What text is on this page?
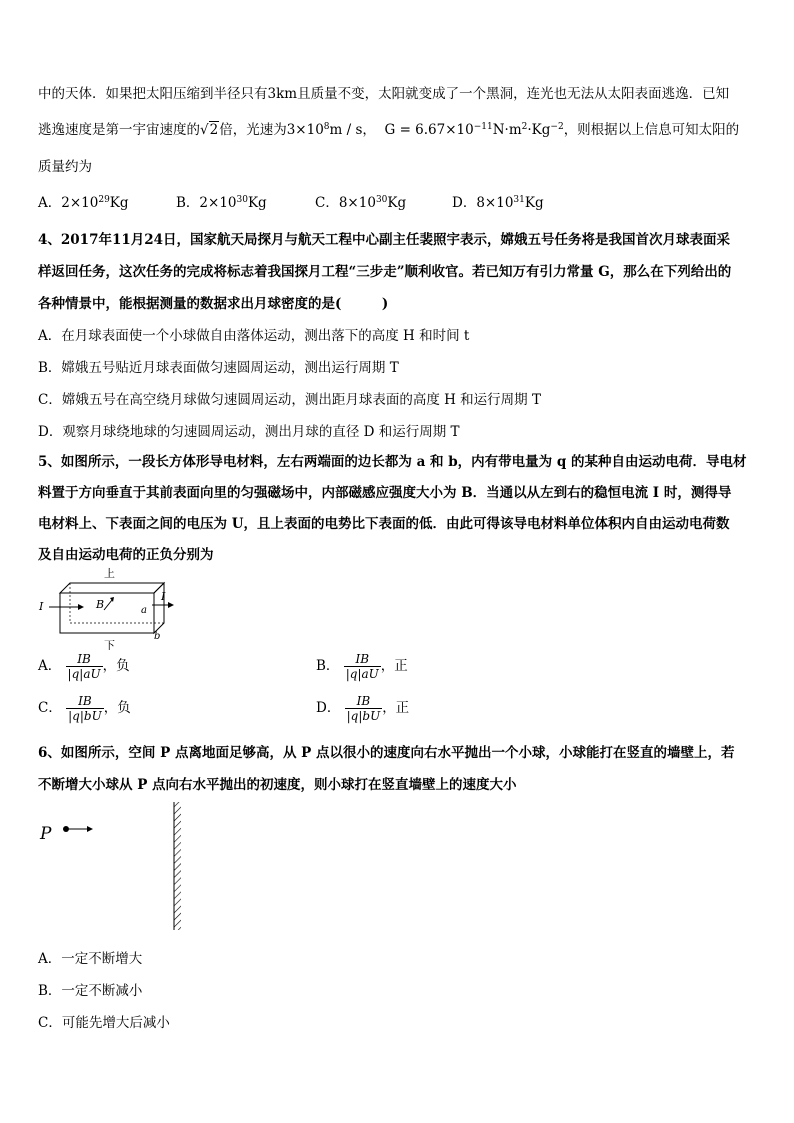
中的天体．如果把太阳压缩到半径只有3km且质量不变，太阳就变成了一个黑洞，连光也无法从太阳表面逃逸．已知
逃逸速度是第一宇宙速度的√2倍，光速为$3\times 10^8m / s$， $G = 6.67\times 10^{-11}N\cdot m^2\cdot Kg^{-2}$，则根据以上信息可知太阳的
质量约为
A．$2\times 10^{29}Kg$	B．$2\times 10^{30}Kg$	C．$8\times 10^{30}Kg$	D．$8\times 10^{31}Kg$
4、2017年11月24日，国家航天局探月与航天工程中心副主任裴照宇表示，嫦娥五号任务将是我国首次月球表面采
样返回任务，这次任务的完成将标志着我国探月工程“三步走”顺利收官。若已知万有引力常量 G，那么在下列给出的
各种情景中，能根据测量的数据求出月球密度的是(　　　)
A．在月球表面使一个小球做自由落体运动，测出落下的高度 H 和时间 t
B．嫦娥五号贴近月球表面做匀速圆周运动，测出运行周期 T
C．嫦娥五号在高空绕月球做匀速圆周运动，测出距月球表面的高度 H 和运行周期 T
D．观察月球绕地球的匀速圆周运动，测出月球的直径 D 和运行周期 T
5、如图所示，一段长方体形导电材料，左右两端面的边长都为 a 和 b，内有带电量为 q 的某种自由运动电荷．导电材
料置于方向垂直于其前表面向里的匀强磁场中，内部磁感应强度大小为 B．当通以从左到右的稳恒电流 I 时，测得导
电材料上、下表面之间的电压为 U，且上表面的电势比下表面的低．由此可得该导电材料单位体积内自由运动电荷数
及自由运动电荷的正负分别为
上
I
I
B	a
b
下
A． $\frac{IB}{|q|aU}$ ，负	B． $\frac{IB}{|q|aU}$ ，正
C． $\frac{IB}{|q|bU}$ ，负	D． $\frac{IB}{|q|bU}$ ，正
6、如图所示，空间 P 点离地面足够高，从 P 点以很小的速度向右水平抛出一个小球，小球能打在竖直的墙壁上，若
不断增大小球从 P 点向右水平抛出的初速度，则小球打在竖直墙壁上的速度大小
P
A．一定不断增大
B．一定不断减小
C．可能先增大后减小
